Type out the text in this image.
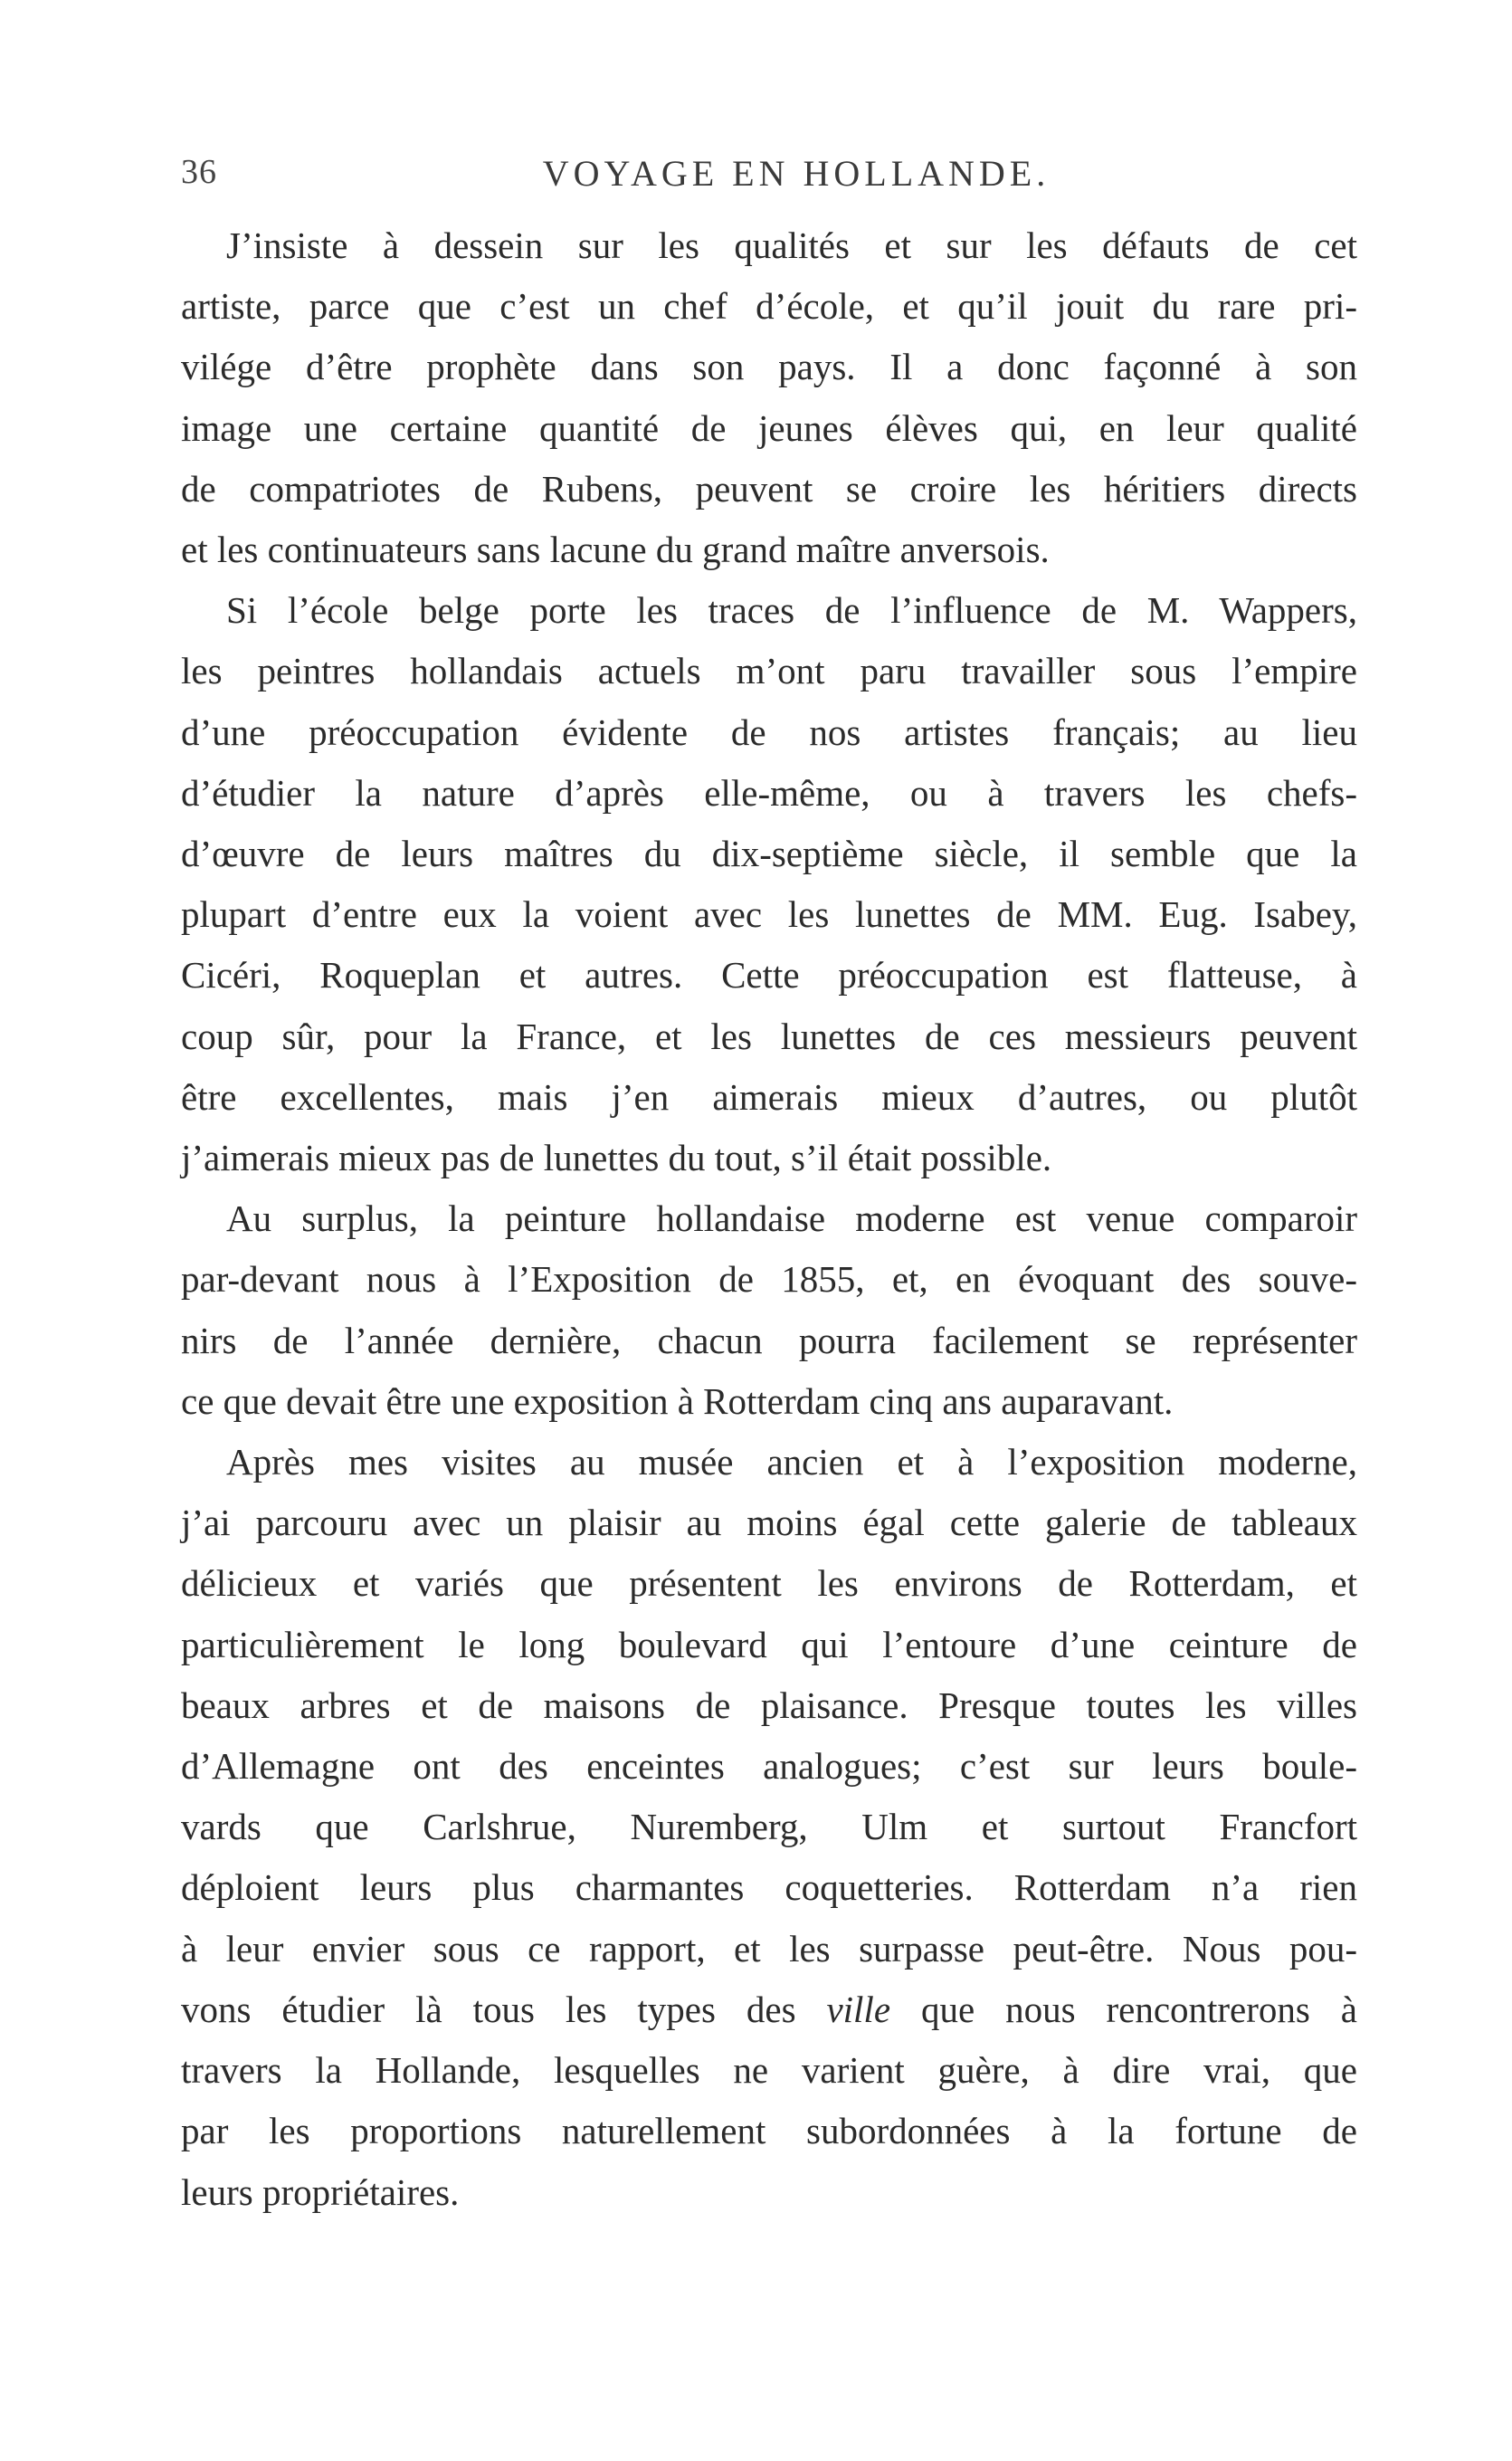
36	VOYAGE EN HOLLANDE.

J’insiste à dessein sur les qualités et sur les défauts de cet
artiste, parce que c’est un chef d’école, et qu’il jouit du rare pri-
vilége d’être prophète dans son pays. Il a donc façonné à son
image une certaine quantité de jeunes élèves qui, en leur qualité
de compatriotes de Rubens, peuvent se croire les héritiers directs
et les continuateurs sans lacune du grand maître anversois.

Si l’école belge porte les traces de l’influence de M. Wappers,
les peintres hollandais actuels m’ont paru travailler sous l’empire
d’une préoccupation évidente de nos artistes français; au lieu
d’étudier la nature d’après elle-même, ou à travers les chefs-
d’œuvre de leurs maîtres du dix-septième siècle, il semble que la
plupart d’entre eux la voient avec les lunettes de MM. Eug. Isabey,
Cicéri, Roqueplan et autres. Cette préoccupation est flatteuse, à
coup sûr, pour la France, et les lunettes de ces messieurs peuvent
être excellentes, mais j’en aimerais mieux d’autres, ou plutôt
j’aimerais mieux pas de lunettes du tout, s’il était possible.

Au surplus, la peinture hollandaise moderne est venue comparoir
par-devant nous à l’Exposition de 1855, et, en évoquant des souve-
nirs de l’année dernière, chacun pourra facilement se représenter
ce que devait être une exposition à Rotterdam cinq ans auparavant.

Après mes visites au musée ancien et à l’exposition moderne,
j’ai parcouru avec un plaisir au moins égal cette galerie de tableaux
délicieux et variés que présentent les environs de Rotterdam, et
particulièrement le long boulevard qui l’entoure d’une ceinture de
beaux arbres et de maisons de plaisance. Presque toutes les villes
d’Allemagne ont des enceintes analogues; c’est sur leurs boule-
vards que Carlshrue, Nuremberg, Ulm et surtout Francfort
déploient leurs plus charmantes coquetteries. Rotterdam n’a rien
à leur envier sous ce rapport, et les surpasse peut-être. Nous pou-
vons étudier là tous les types des ville que nous rencontrerons à
travers la Hollande, lesquelles ne varient guère, à dire vrai, que
par les proportions naturellement subordonnées à la fortune de
leurs propriétaires.
